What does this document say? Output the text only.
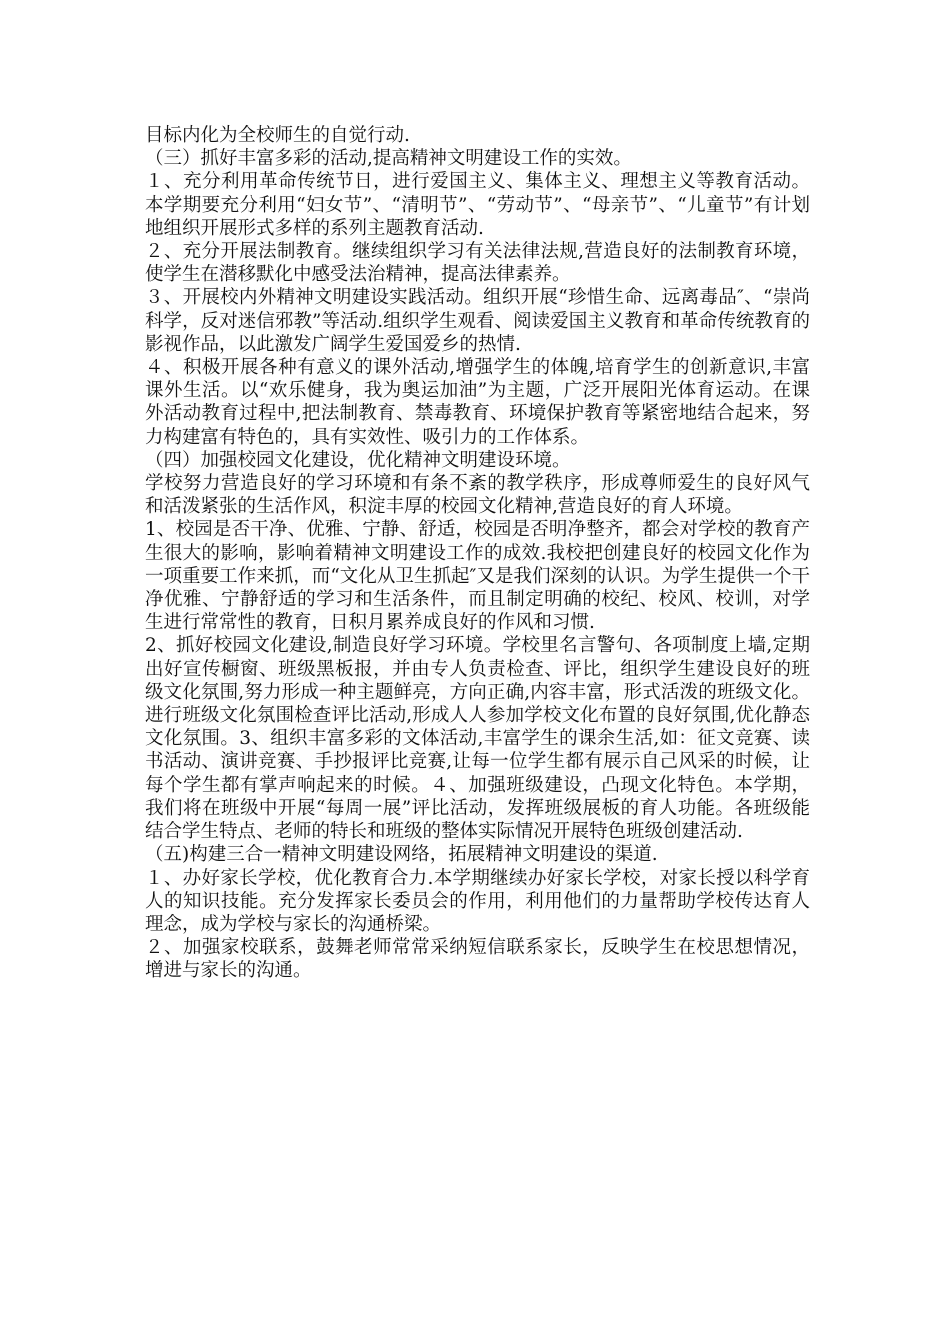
目标内化为全校师生的自觉行动.

（三）抓好丰富多彩的活动,提高精神文明建设工作的实效。

１、充分利用革命传统节日，进行爱国主义、集体主义、理想主义等教育活动。本学期要充分利用“妇女节”、“清明节”、“劳动节”、“母亲节”、“儿童节”有计划地组织开展形式多样的系列主题教育活动.

２、充分开展法制教育。继续组织学习有关法律法规,营造良好的法制教育环境，使学生在潜移默化中感受法治精神，提高法律素养。

３、开展校内外精神文明建设实践活动。组织开展“珍惜生命、远离毒品″、“崇尚科学，反对迷信邪教”等活动.组织学生观看、阅读爱国主义教育和革命传统教育的影视作品，以此激发广阔学生爱国爱乡的热情.

４、积极开展各种有意义的课外活动,增强学生的体魄,培育学生的创新意识,丰富课外生活。以“欢乐健身，我为奥运加油”为主题，广泛开展阳光体育运动。在课外活动教育过程中,把法制教育、禁毒教育、环境保护教育等紧密地结合起来，努力构建富有特色的，具有实效性、吸引力的工作体系。

（四）加强校园文化建设，优化精神文明建设环境。

学校努力营造良好的学习环境和有条不紊的教学秩序，形成尊师爱生的良好风气和活泼紧张的生活作风，积淀丰厚的校园文化精神,营造良好的育人环境。

1、校园是否干净、优雅、宁静、舒适，校园是否明净整齐，都会对学校的教育产生很大的影响，影响着精神文明建设工作的成效.我校把创建良好的校园文化作为一项重要工作来抓，而“文化从卫生抓起″又是我们深刻的认识。为学生提供一个干净优雅、宁静舒适的学习和生活条件，而且制定明确的校纪、校风、校训，对学生进行常常性的教育，日积月累养成良好的作风和习惯.

2、抓好校园文化建设,制造良好学习环境。学校里名言警句、各项制度上墙,定期出好宣传橱窗、班级黑板报，并由专人负责检查、评比，组织学生建设良好的班级文化氛围,努力形成一种主题鲜亮，方向正确,内容丰富，形式活泼的班级文化。进行班级文化氛围检查评比活动,形成人人参加学校文化布置的良好氛围,优化静态文化氛围。3、组织丰富多彩的文体活动,丰富学生的课余生活,如：征文竞赛、读书活动、演讲竞赛、手抄报评比竞赛,让每一位学生都有展示自己风采的时候，让每个学生都有掌声响起来的时候。４、加强班级建设，凸现文化特色。本学期，我们将在班级中开展“每周一展”评比活动，发挥班级展板的育人功能。各班级能结合学生特点、老师的特长和班级的整体实际情况开展特色班级创建活动.

（五)构建三合一精神文明建设网络，拓展精神文明建设的渠道.

１、办好家长学校，优化教育合力.本学期继续办好家长学校，对家长授以科学育人的知识技能。充分发挥家长委员会的作用，利用他们的力量帮助学校传达育人理念，成为学校与家长的沟通桥梁。

２、加强家校联系，鼓舞老师常常采纳短信联系家长，反映学生在校思想情况，增进与家长的沟通。
